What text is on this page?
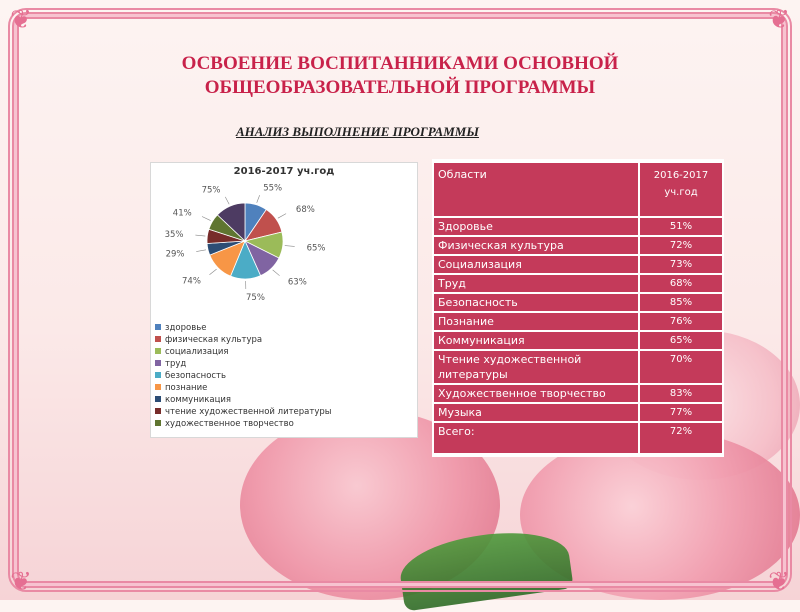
❦	❦
❦	❦
ОСВОЕНИЕ ВОСПИТАННИКАМИ ОСНОВНОЙ
ОБЩЕОБРАЗОВАТЕЛЬНОЙ ПРОГРАММЫ
АНАЛИЗ ВЫПОЛНЕНИЕ ПРОГРАММЫ
55%
68%
65%
63%
75%
74%
29%
35%
41%
75%
2016-2017 уч.год
здоровье
физическая культура
социализация
труд
безопасность
познание
коммуникация
чтение художественной литературы
художественное творчество
Области	2016-2017
уч.год

Здоровье	51%
Физическая культура	72%
Социализация	73%
Труд	68%
Безопасность	85%
Познание	76%
Коммуникация	65%
Чтение художественной литературы	70%
Художественное творчество	83%
Музыка	77%
Всего:	72%
